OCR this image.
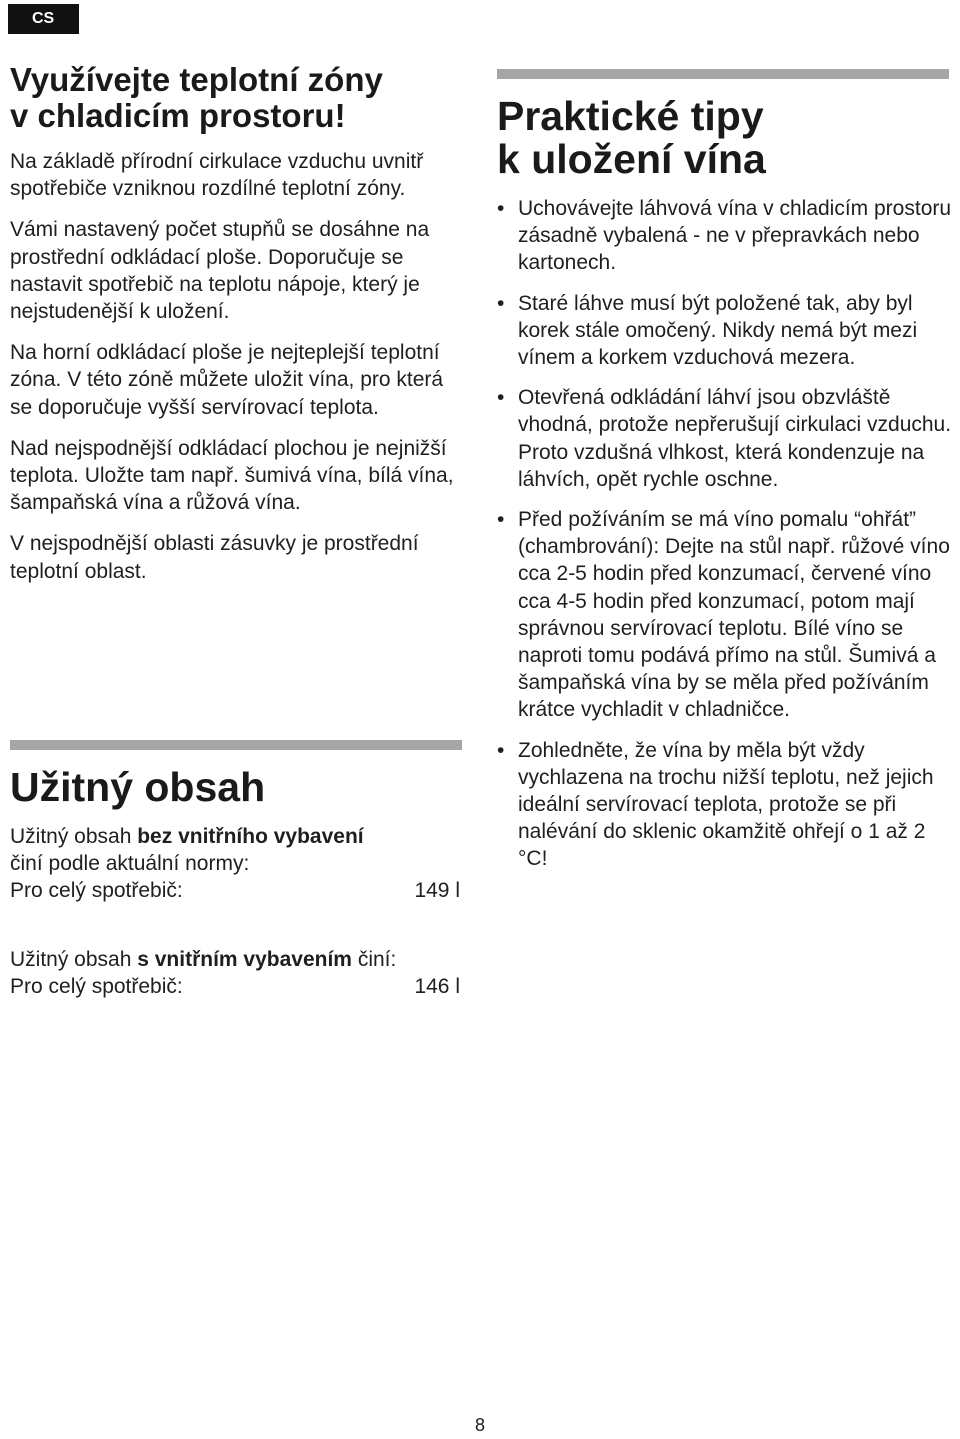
CS
Využívejte teplotní zóny
v chladicím prostoru!

Na základě přírodní cirkulace vzduchu uvnitř spotřebiče vzniknou rozdílné teplotní zóny.

Vámi nastavený počet stupňů se dosáhne na prostřední odkládací ploše. Doporučuje se nastavit spotřebič na teplotu nápoje, který je nejstudenější k uložení.

Na horní odkládací ploše je nejteplejší teplotní zóna. V této zóně můžete uložit vína, pro která se doporučuje vyšší servírovací teplota.

Nad nejspodnější odkládací plochou je nejnižší teplota. Uložte tam např. šumivá vína, bílá vína, šampaňská vína a růžová vína.

V nejspodnější oblasti zásuvky je prostřední teplotní oblast.

Užitný obsah
Užitný obsah bez vnitřního vybavení
činí podle aktuální normy:
Pro celý spotřebič:	149 l
Užitný obsah s vnitřním vybavením činí:
Pro celý spotřebič:	146 l
Praktické tipy
k uložení vína
• Uchovávejte láhvová vína v chladicím prostoru zásadně vybalená - ne v přepravkách nebo kartonech.
• Staré láhve musí být položené tak, aby byl korek stále omočený. Nikdy nemá být mezi vínem a korkem vzduchová mezera.
• Otevřená odkládání láhví jsou obzvláště vhodná, protože nepřerušují cirkulaci vzduchu. Proto vzdušná vlhkost, která kondenzuje na láhvích, opět rychle oschne.
• Před požíváním se má víno pomalu “ohřát” (chambrování): Dejte na stůl např. růžové víno cca 2-5 hodin před konzumací, červené víno cca 4-5 hodin před konzumací, potom mají správnou servírovací teplotu. Bílé víno se naproti tomu podává přímo na stůl. Šumivá a šampaňská vína by se měla před požíváním krátce vychladit v chladničce.
• Zohledněte, že vína by měla být vždy vychlazena na trochu nižší teplotu, než jejich ideální servírovací teplota, protože se při nalévání do sklenic okamžitě ohřejí o 1 až 2 °C!
8
